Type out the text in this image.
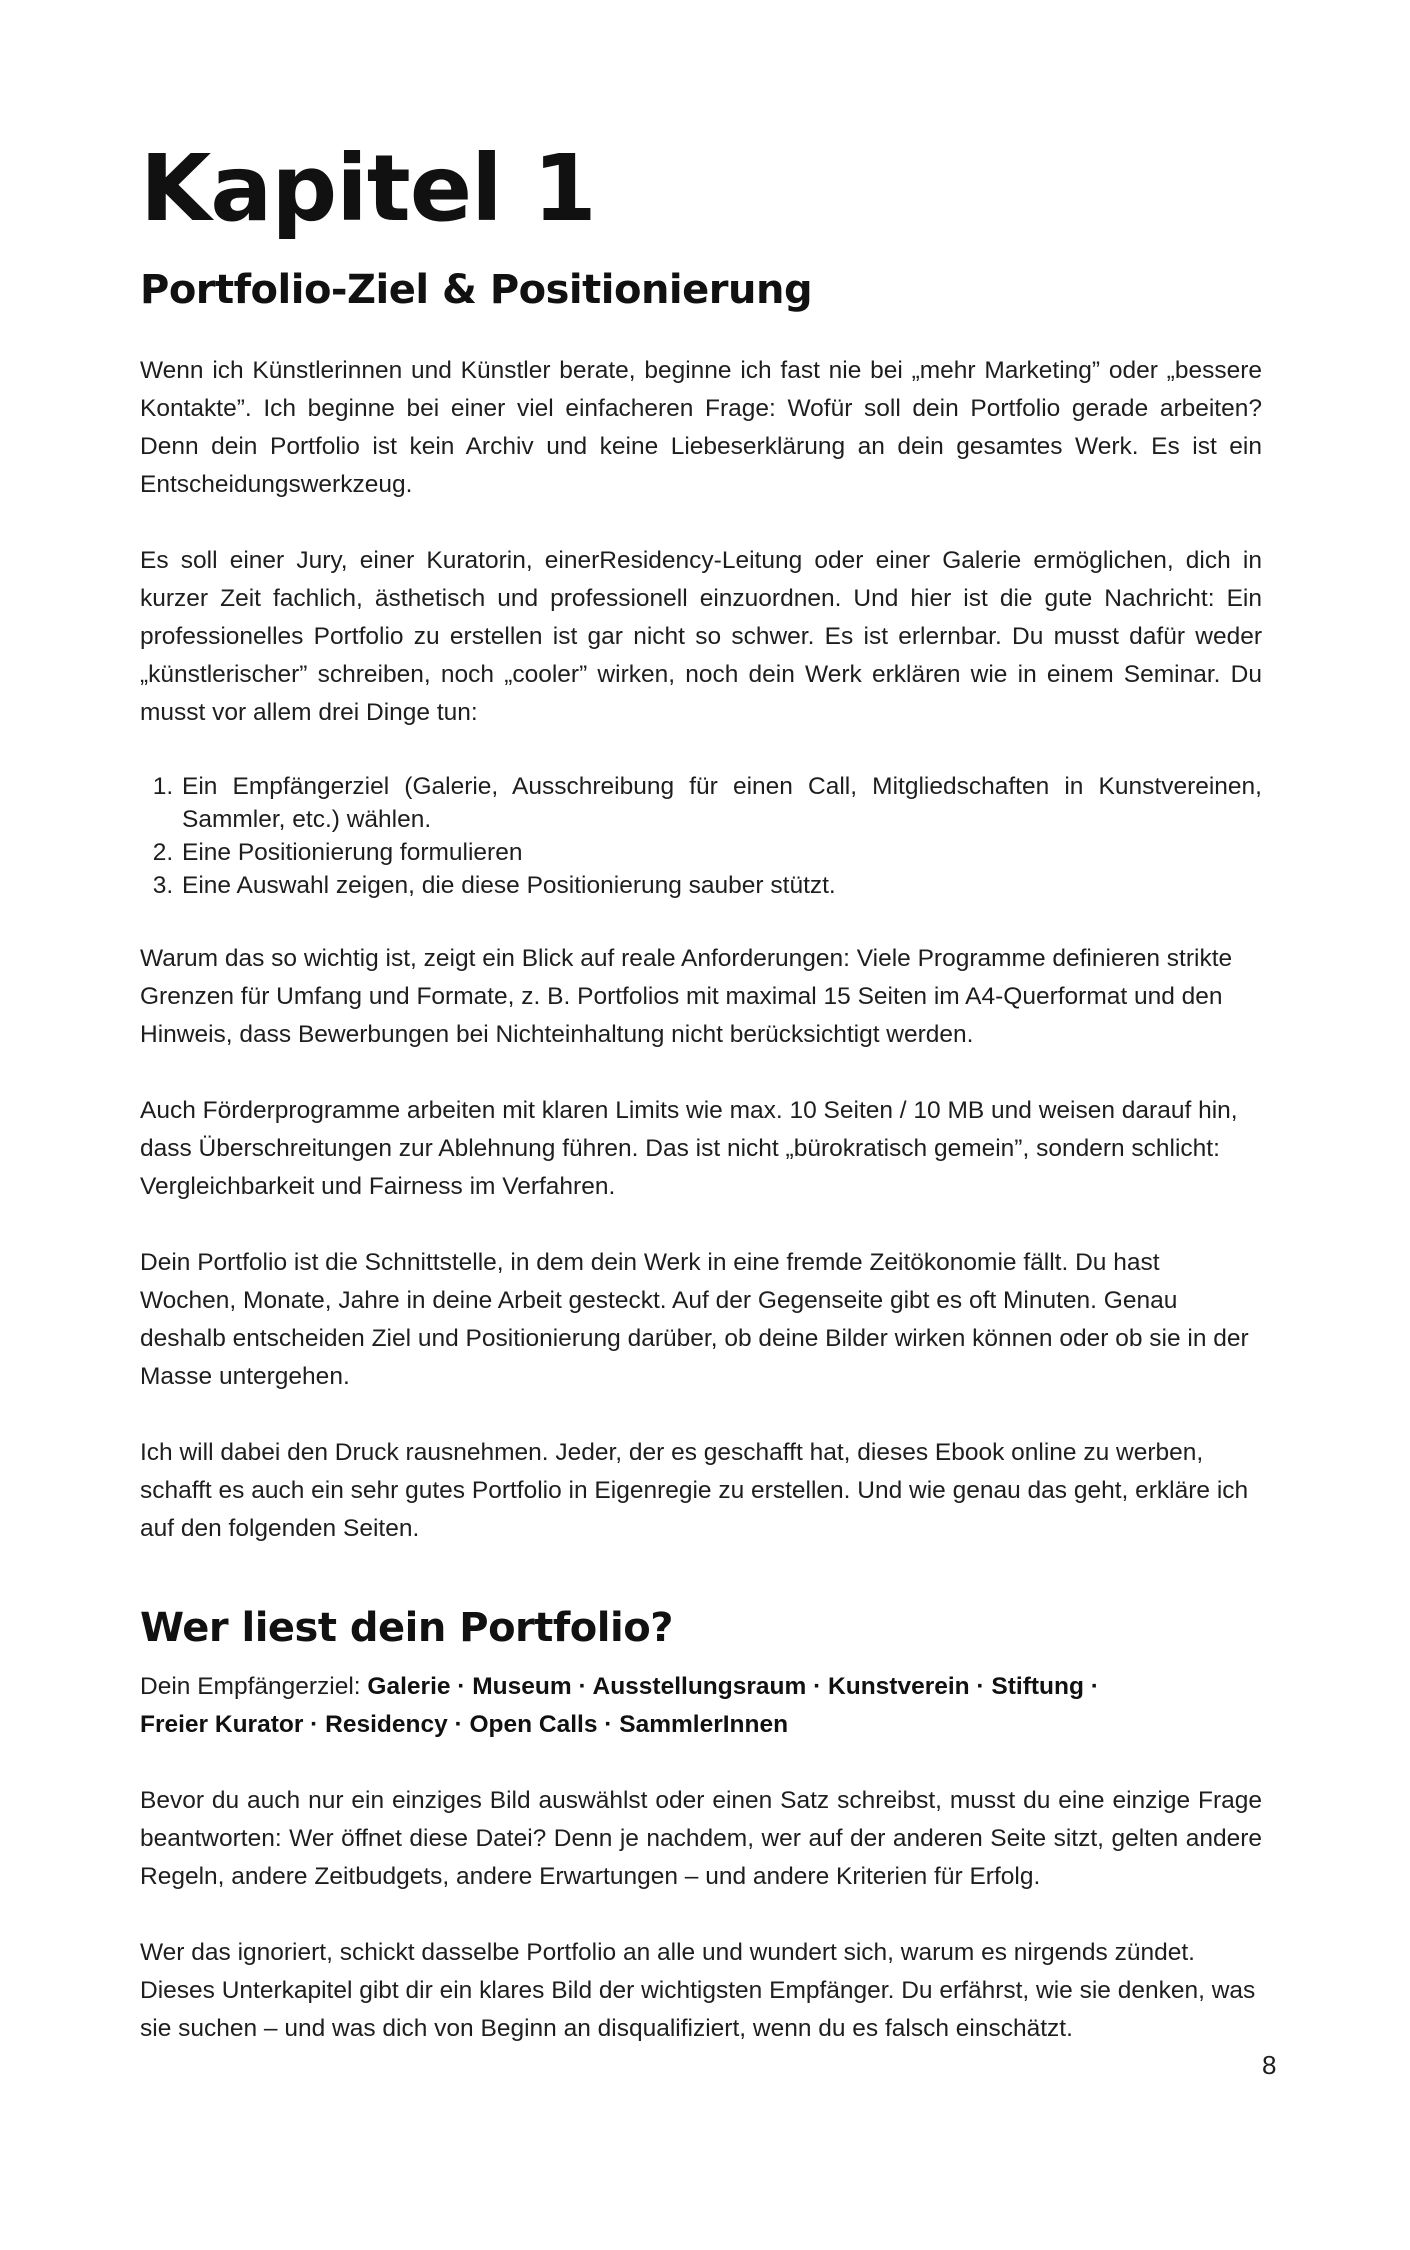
Kapitel 1
Portfolio-Ziel & Positionierung

Wenn ich Künstlerinnen und Künstler berate, beginne ich fast nie bei „mehr Marketing” oder „bessere Kontakte”. Ich beginne bei einer viel einfacheren Frage: Wofür soll dein Portfolio gerade arbeiten? Denn dein Portfolio ist kein Archiv und keine Liebeserklärung an dein gesamtes Werk. Es ist ein Entscheidungswerkzeug.

Es soll einer Jury, einer Kuratorin, einerResidency-Leitung oder einer Galerie ermöglichen, dich in kurzer Zeit fachlich, ästhetisch und professionell einzuordnen. Und hier ist die gute Nachricht: Ein professionelles Portfolio zu erstellen ist gar nicht so schwer. Es ist erlernbar. Du musst dafür weder „künstlerischer” schreiben, noch „cooler” wirken, noch dein Werk erklären wie in einem Seminar. Du musst vor allem drei Dinge tun:

1. Ein Empfängerziel (Galerie, Ausschreibung für einen Call, Mitgliedschaften in Kunstvereinen, Sammler, etc.) wählen.
2. Eine Positionierung formulieren
3. Eine Auswahl zeigen, die diese Positionierung sauber stützt.

Warum das so wichtig ist, zeigt ein Blick auf reale Anforderungen: Viele Programme definieren strikte Grenzen für Umfang und Formate, z. B. Portfolios mit maximal 15 Seiten im A4-Querformat und den Hinweis, dass Bewerbungen bei Nichteinhaltung nicht berücksichtigt werden.

Auch Förderprogramme arbeiten mit klaren Limits wie max. 10 Seiten / 10 MB und weisen darauf hin, dass Überschreitungen zur Ablehnung führen. Das ist nicht „bürokratisch gemein”, sondern schlicht: Vergleichbarkeit und Fairness im Verfahren.

Dein Portfolio ist die Schnittstelle, in dem dein Werk in eine fremde Zeitökonomie fällt. Du hast Wochen, Monate, Jahre in deine Arbeit gesteckt. Auf der Gegenseite gibt es oft Minuten. Genau deshalb entscheiden Ziel und Positionierung darüber, ob deine Bilder wirken können oder ob sie in der Masse untergehen.

Ich will dabei den Druck rausnehmen. Jeder, der es geschafft hat, dieses Ebook online zu werben, schafft es auch ein sehr gutes Portfolio in Eigenregie zu erstellen. Und wie genau das geht, erkläre ich auf den folgenden Seiten.

Wer liest dein Portfolio?

Dein Empfängerziel: Galerie · Museum · Ausstellungsraum · Kunstverein · Stiftung ·
Freier Kurator · Residency · Open Calls · SammlerInnen

Bevor du auch nur ein einziges Bild auswählst oder einen Satz schreibst, musst du eine einzige Frage beantworten: Wer öffnet diese Datei? Denn je nachdem, wer auf der anderen Seite sitzt, gelten andere Regeln, andere Zeitbudgets, andere Erwartungen – und andere Kriterien für Erfolg.

Wer das ignoriert, schickt dasselbe Portfolio an alle und wundert sich, warum es nirgends zündet. Dieses Unterkapitel gibt dir ein klares Bild der wichtigsten Empfänger. Du erfährst, wie sie denken, was sie suchen – und was dich von Beginn an disqualifiziert, wenn du es falsch einschätzt.

8
